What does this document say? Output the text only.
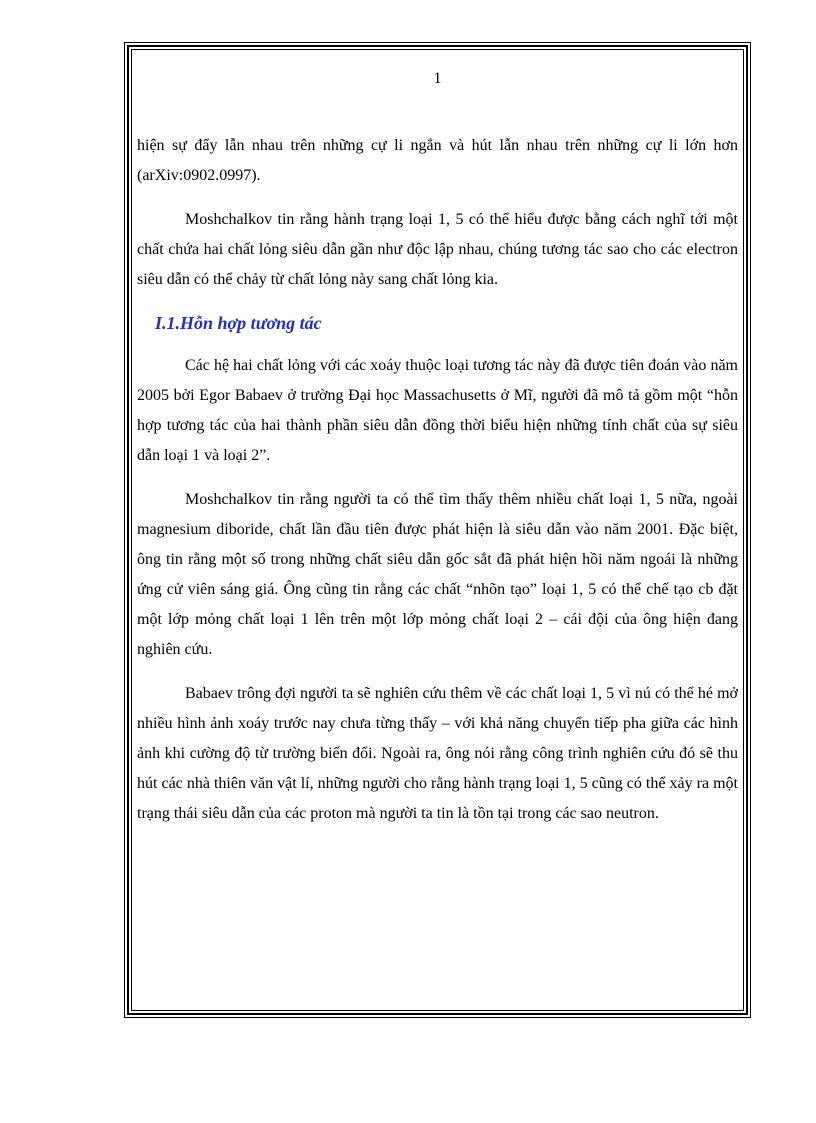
1

hiện sự đẩy lẫn nhau trên những cự li ngắn và hút lẫn nhau trên những cự li lớn hơn (arXiv:0902.0997).

Moshchalkov tin rằng hành trạng loại 1, 5 có thể hiểu được bằng cách nghĩ tới một chất chứa hai chất lỏng siêu dẫn gần như độc lập nhau, chúng tương tác sao cho các electron siêu dẫn có thể chảy từ chất lỏng này sang chất lỏng kia.

I.1.Hỗn hợp tương tác

Các hệ hai chất lỏng với các xoáy thuộc loại tương tác này đã được tiên đoán vào năm 2005 bởi Egor Babaev ở trường Đại học Massachusetts ở Mĩ, người đã mô tả gồm một “hỗn hợp tương tác của hai thành phần siêu dẫn đồng thời biểu hiện những tính chất của sự siêu dẫn loại 1 và loại 2”.

Moshchalkov tin rằng người ta có thể tìm thấy thêm nhiều chất loại 1, 5 nữa, ngoài magnesium diboride, chất lần đầu tiên được phát hiện là siêu dẫn vào năm 2001. Đặc biệt, ông tin rằng một số trong những chất siêu dẫn gốc sắt đã phát hiện hồi năm ngoái là những ứng cử viên sáng giá. Ông cũng tin rằng các chất “nhõn tạo” loại 1, 5 có thể chế tạo cb đặt một lớp mỏng chất loại 1 lên trên một lớp mỏng chất loại 2 – cái đội của ông hiện đang nghiên cứu.

Babaev trông đợi người ta sẽ nghiên cứu thêm về các chất loại 1, 5 vì nú có thể hé mở nhiều hình ảnh xoáy trước nay chưa từng thấy – với khả năng chuyển tiếp pha giữa các hình ảnh khi cường độ từ trường biến đổi. Ngoài ra, ông nói rằng công trình nghiên cứu đó sẽ thu hút các nhà thiên văn vật lí, những người cho rằng hành trạng loại 1, 5 cũng có thể xảy ra một trạng thái siêu dẫn của các proton mà người ta tin là tồn tại trong các sao neutron.
